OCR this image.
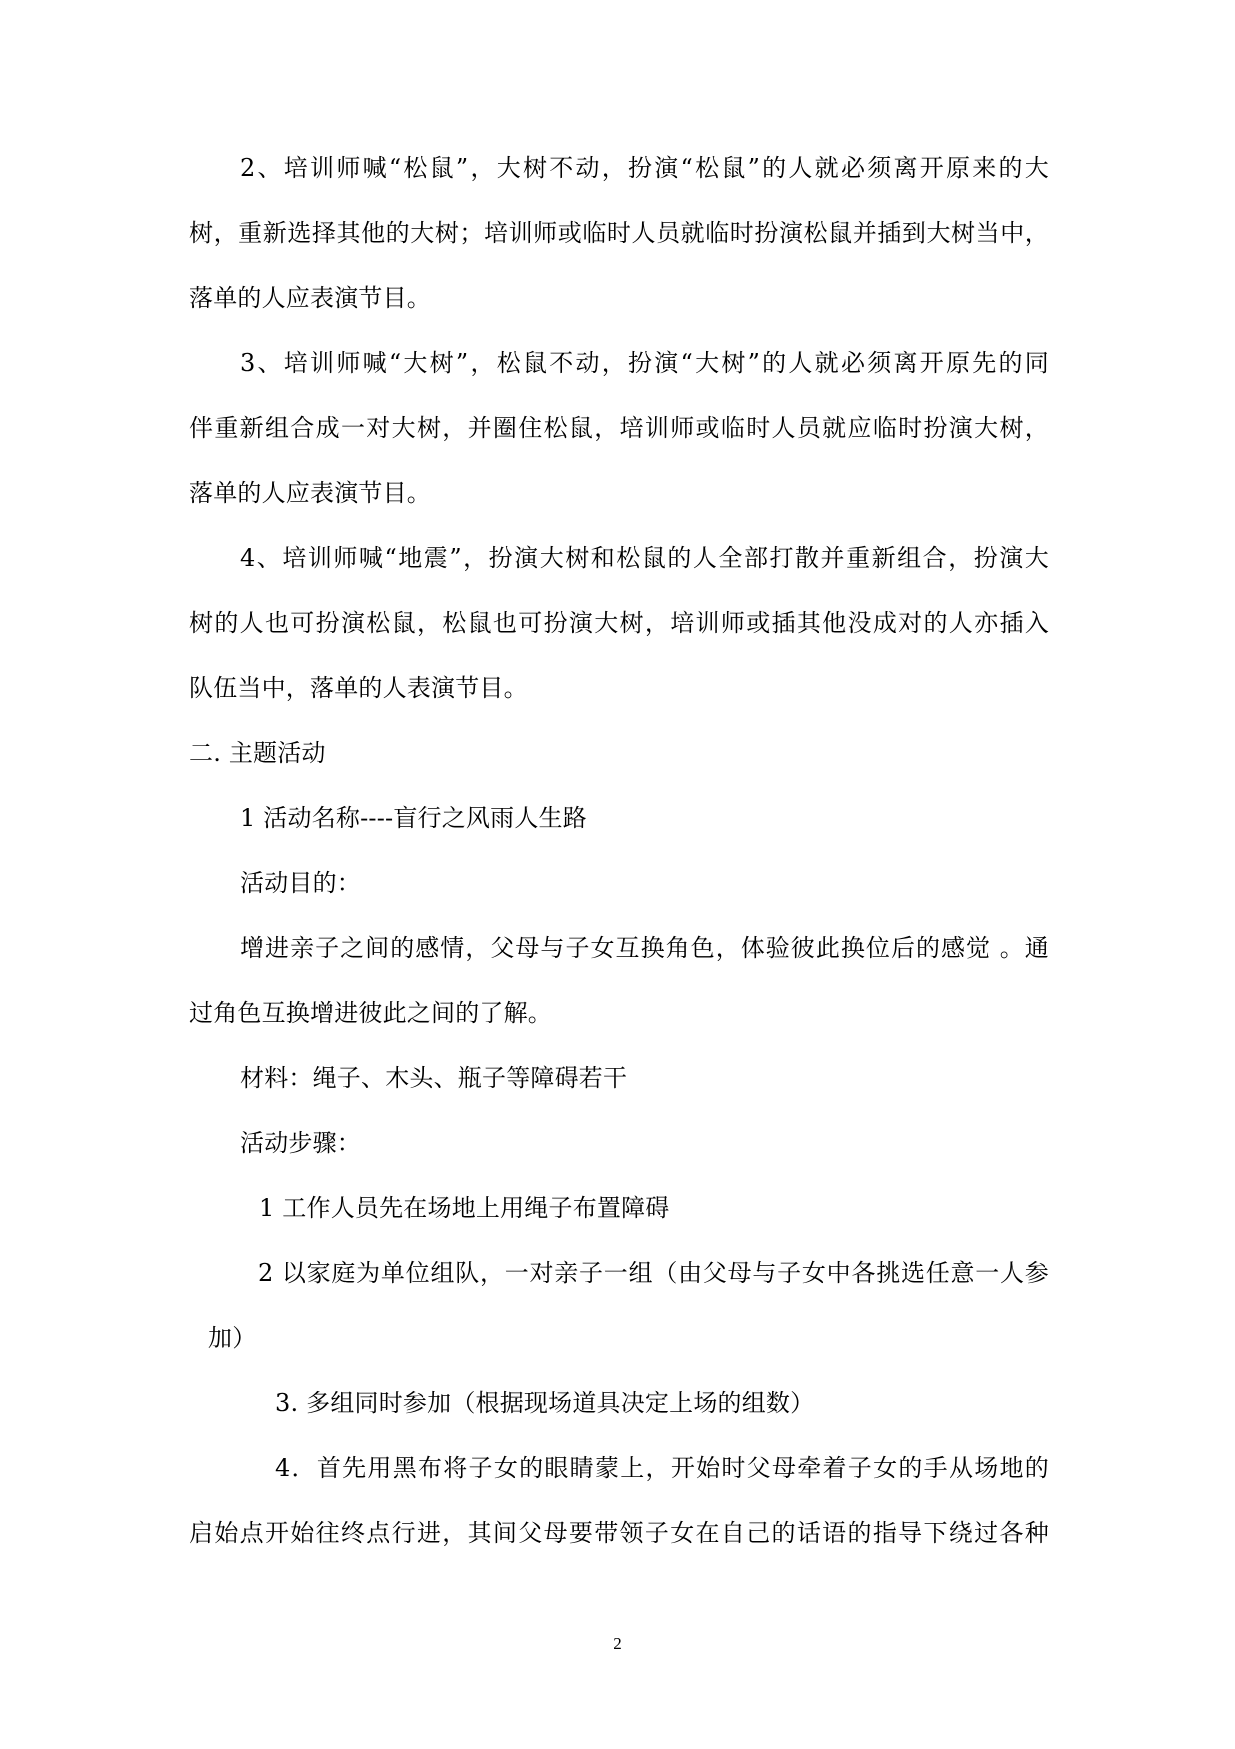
2、培训师喊“松鼠”，大树不动，扮演“松鼠”的人就必须离开原来的大
树，重新选择其他的大树；培训师或临时人员就临时扮演松鼠并插到大树当中，
落单的人应表演节目。
3、培训师喊“大树”，松鼠不动，扮演“大树”的人就必须离开原先的同
伴重新组合成一对大树，并圈住松鼠，培训师或临时人员就应临时扮演大树，
落单的人应表演节目。
4、培训师喊“地震”，扮演大树和松鼠的人全部打散并重新组合，扮演大
树的人也可扮演松鼠，松鼠也可扮演大树，培训师或插其他没成对的人亦插入
队伍当中，落单的人表演节目。
二. 主题活动
1 活动名称----盲行之风雨人生路
活动目的：
增进亲子之间的感情，父母与子女互换角色，体验彼此换位后的感觉 。通
过角色互换增进彼此之间的了解。
材料：绳子、木头、瓶子等障碍若干
活动步骤：
1 工作人员先在场地上用绳子布置障碍
2 以家庭为单位组队，一对亲子一组（由父母与子女中各挑选任意一人参
加）
3. 多组同时参加（根据现场道具决定上场的组数）
4．首先用黑布将子女的眼睛蒙上，开始时父母牵着子女的手从场地的
启始点开始往终点行进，其间父母要带领子女在自己的话语的指导下绕过各种
2
